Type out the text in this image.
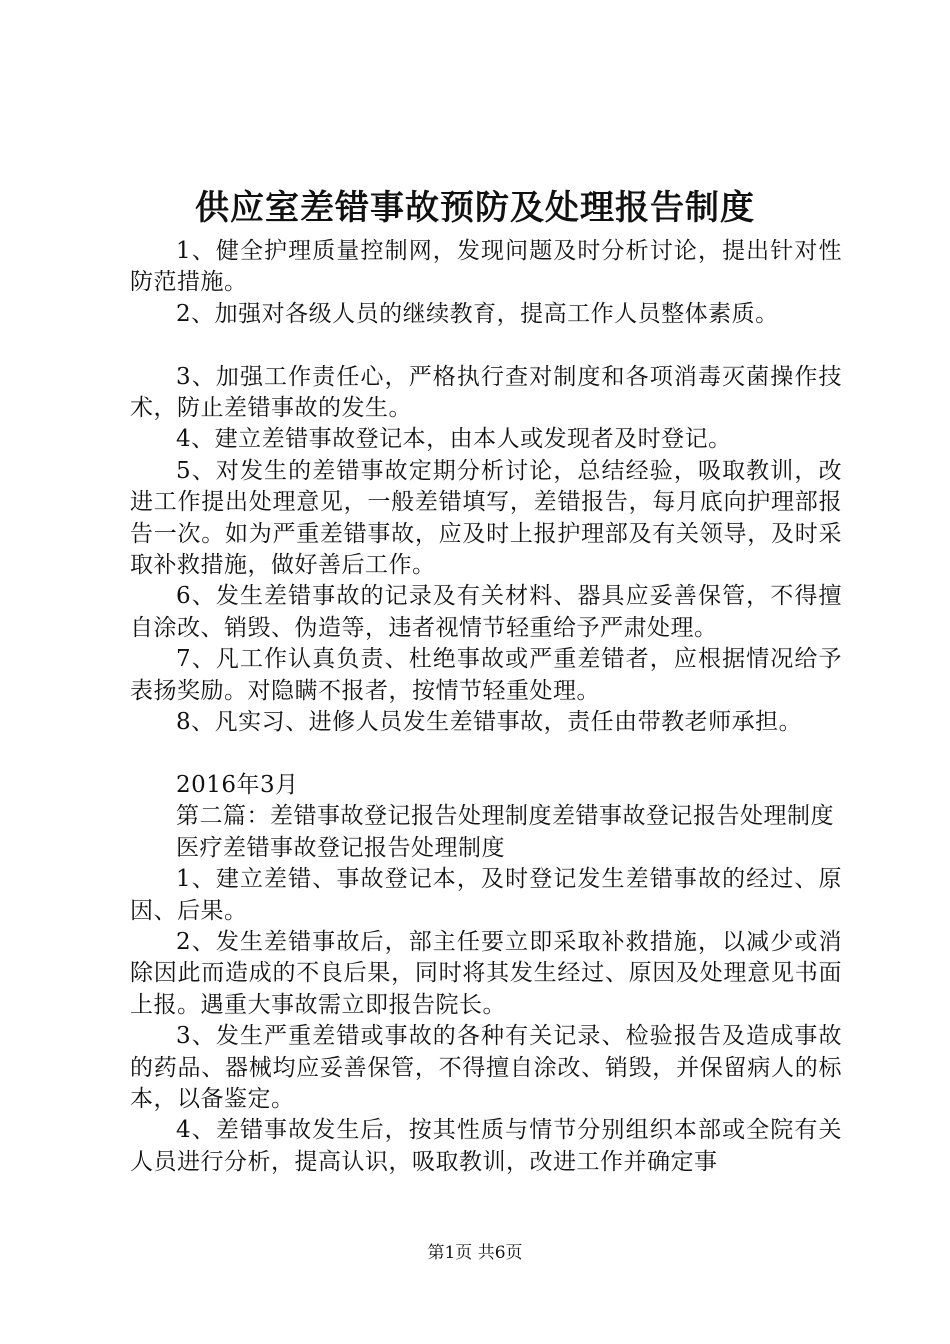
供应室差错事故预防及处理报告制度

1、健全护理质量控制网，发现问题及时分析讨论，提出针对性防范措施。

2、加强对各级人员的继续教育，提高工作人员整体素质。

3、加强工作责任心，严格执行查对制度和各项消毒灭菌操作技术，防止差错事故的发生。

4、建立差错事故登记本，由本人或发现者及时登记。

5、对发生的差错事故定期分析讨论，总结经验，吸取教训，改进工作提出处理意见，一般差错填写，差错报告，每月底向护理部报告一次。如为严重差错事故，应及时上报护理部及有关领导，及时采取补救措施，做好善后工作。

6、发生差错事故的记录及有关材料、器具应妥善保管，不得擅自涂改、销毁、伪造等，违者视情节轻重给予严肃处理。

7、凡工作认真负责、杜绝事故或严重差错者，应根据情况给予表扬奖励。对隐瞒不报者，按情节轻重处理。

8、凡实习、进修人员发生差错事故，责任由带教老师承担。

2016年3月

第二篇：差错事故登记报告处理制度差错事故登记报告处理制度

医疗差错事故登记报告处理制度

1、建立差错、事故登记本，及时登记发生差错事故的经过、原因、后果。

2、发生差错事故后，部主任要立即采取补救措施，以减少或消除因此而造成的不良后果，同时将其发生经过、原因及处理意见书面上报。遇重大事故需立即报告院长。

3、发生严重差错或事故的各种有关记录、检验报告及造成事故的药品、器械均应妥善保管，不得擅自涂改、销毁，并保留病人的标本，以备鉴定。

4、差错事故发生后，按其性质与情节分别组织本部或全院有关人员进行分析，提高认识，吸取教训，改进工作并确定事

第1页 共6页
